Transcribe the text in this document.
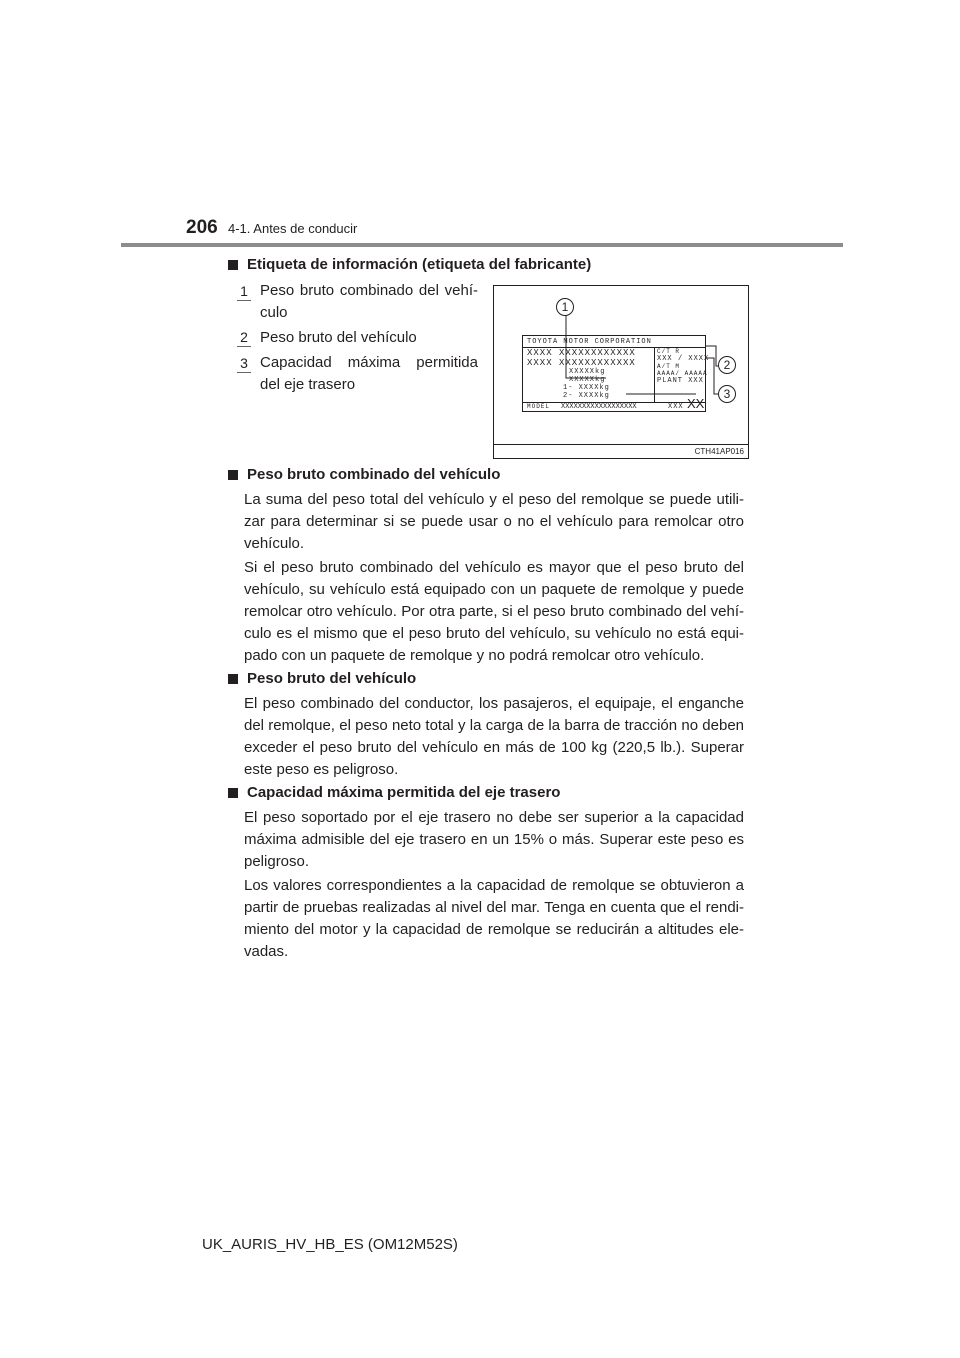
206 4-1. Antes de conducir
Etiqueta de información (etiqueta del fabricante)
1 Peso bruto combinado del vehí-culo
2 Peso bruto del vehículo
3 Capacidad máxima permitida del eje trasero
TOYOTA MOTOR CORPORATION
XXXX XXXXXXXXXXXX
XXXX XXXXXXXXXXXX
XXXXXkg
XXXXXkg
1- XXXXkg
2- XXXXkg
C/T R
XXX / XXXX
A/T M
AAAA/ AAAAA
PLANT XXX
MODEL XXXXXXXXXXXXXXXXXX	XXX XX
1
2
3
CTH41AP016
Peso bruto combinado del vehículo
La suma del peso total del vehículo y el peso del remolque se puede utili-zar para determinar si se puede usar o no el vehículo para remolcar otro vehículo.
Si el peso bruto combinado del vehículo es mayor que el peso bruto del vehículo, su vehículo está equipado con un paquete de remolque y puede remolcar otro vehículo. Por otra parte, si el peso bruto combinado del vehí-culo es el mismo que el peso bruto del vehículo, su vehículo no está equi-pado con un paquete de remolque y no podrá remolcar otro vehículo.
Peso bruto del vehículo
El peso combinado del conductor, los pasajeros, el equipaje, el enganche del remolque, el peso neto total y la carga de la barra de tracción no deben exceder el peso bruto del vehículo en más de 100 kg (220,5 lb.). Superar este peso es peligroso.
Capacidad máxima permitida del eje trasero
El peso soportado por el eje trasero no debe ser superior a la capacidad máxima admisible del eje trasero en un 15% o más. Superar este peso es peligroso.
Los valores correspondientes a la capacidad de remolque se obtuvieron a partir de pruebas realizadas al nivel del mar. Tenga en cuenta que el rendi-miento del motor y la capacidad de remolque se reducirán a altitudes ele-vadas.
UK_AURIS_HV_HB_ES (OM12M52S)
